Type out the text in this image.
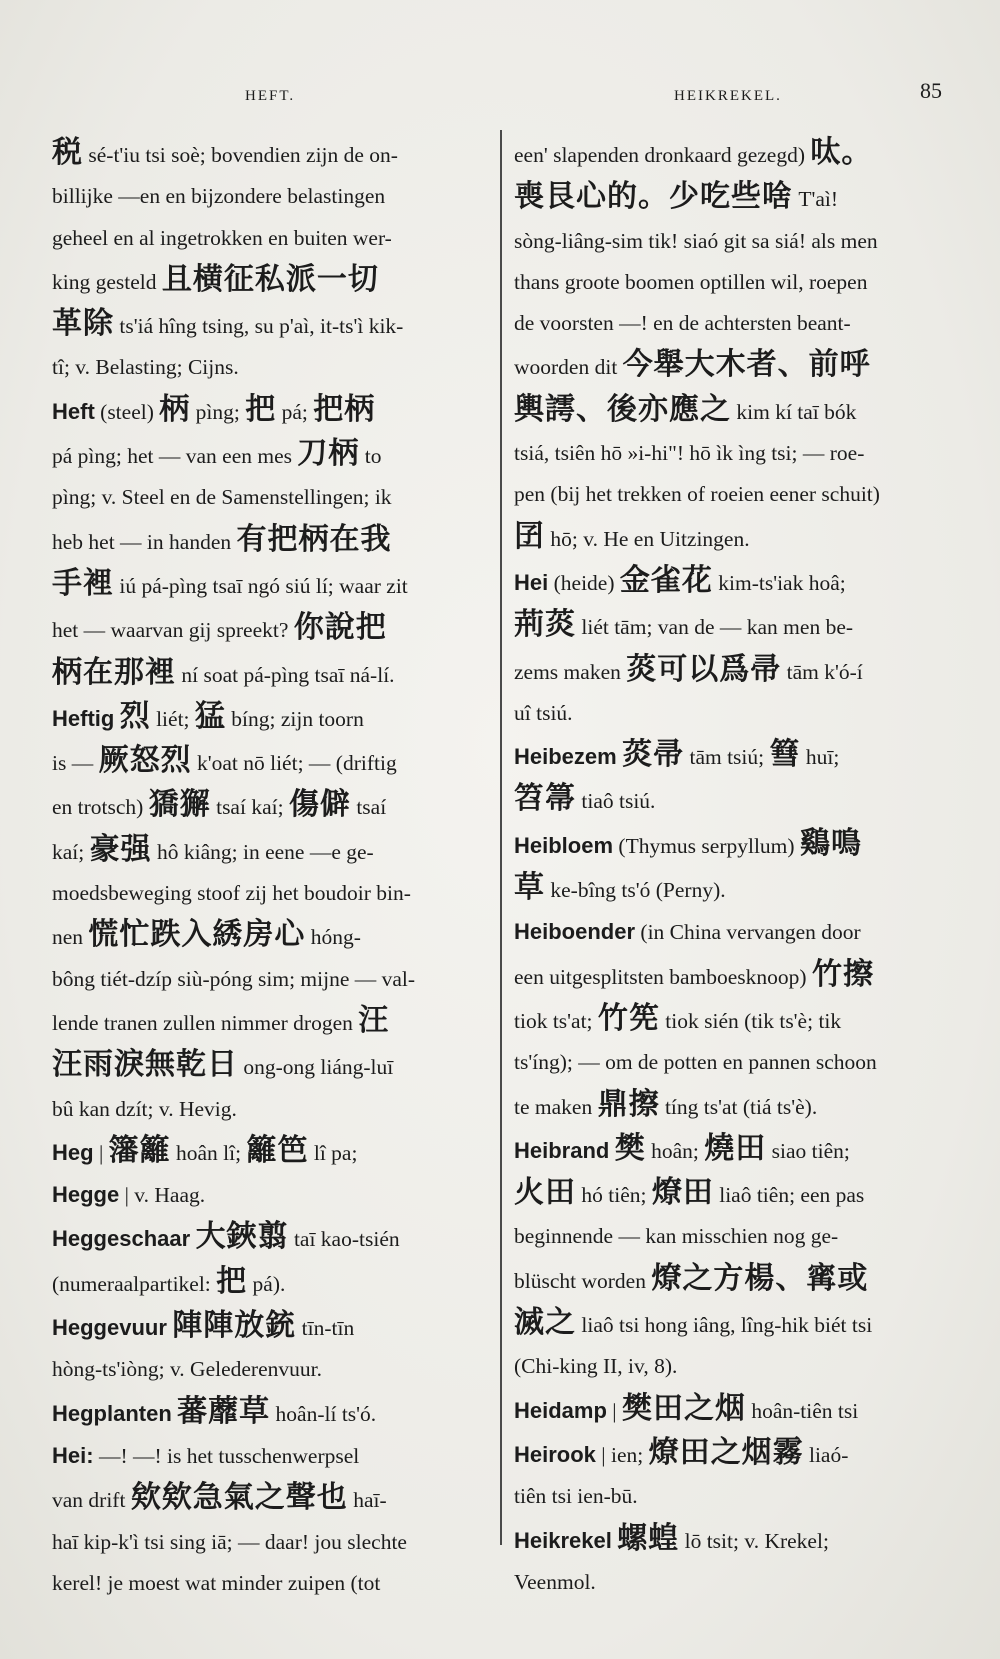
HEFT.	HEIKREKEL.	85
税 sé-t'iu tsi soè; bovendien zijn de on-
billijke —en en bijzondere belastingen
geheel en al ingetrokken en buiten wer-
king gesteld 且横征私派一切
革除 ts'iá hîng tsing, su p'aì, it-ts'ì kik-
tî; v. Belasting; Cijns.
Heft (steel) 柄 pìng; 把 pá; 把柄
pá pìng; het — van een mes 刀柄 to
pìng; v. Steel en de Samenstellingen; ik
heb het — in handen 有把柄在我
手裡 iú pá-pìng tsaī ngó siú lí; waar zit
het — waarvan gij spreekt? 你說把
柄在那裡 ní soat pá-pìng tsaī ná-lí.
Heftig 烈 liét; 猛 bíng; zijn toorn
is — 厥怒烈 k'oat nō liét; — (driftig
en trotsch) 獢獬 tsaí kaí; 傷僻 tsaí
kaí; 豪强 hô kiâng; in eene —e ge-
moedsbeweging stoof zij het boudoir bin-
nen 慌忙跌入綉房心 hóng-
bông tiét-dzíp siù-póng sim; mijne — val-
lende tranen zullen nimmer drogen 汪
汪雨淚無乾日 ong-ong liáng-luī
bû kan dzít; v. Hevig.
Heg | 籓籬 hoân lî; 籬笆 lî pa;
Hegge | v. Haag.
Heggeschaar 大鋏翦 taī kao-tsién
(numeraalpartikel: 把 pá).
Heggevuur 陣陣放銃 tīn-tīn
hòng-ts'iòng; v. Gelederenvuur.
Hegplanten 蕃蘼草 hoân-lí ts'ó.
Hei: —! —! is het tusschenwerpsel
van drift 欸欸急氣之聲也 haī-
haī kip-k'ì tsi sing iā; — daar! jou slechte
kerel! je moest wat minder zuipen (tot
een' slapenden dronkaard gezegd) 呔。
喪艮心的。少吃些啥 T'aì!
sòng-liâng-sim tik! siaó git sa siá! als men
thans groote boomen optillen wil, roepen
de voorsten —! en de achtersten beant-
woorden dit 今舉大木者、前呼
輿謣、後亦應之 kim kí taī bók
tsiá, tsiên hō »i-hi"! hō ìk ìng tsi; — roe-
pen (bij het trekken of roeien eener schuit)
囝 hō; v. He en Uitzingen.
Hei (heide) 金雀花 kim-ts'iak hoâ;
荊菼 liét tām; van de — kan men be-
zems maken 菼可以爲帚 tām k'ó-í
uî tsiú.
Heibezem 菼帚 tām tsiú; 篲 huī;
笤箒 tiaô tsiú.
Heibloem (Thymus serpyllum) 鷄鳴
草 ke-bîng ts'ó (Perny).
Heiboender (in China vervangen door
een uitgesplitsten bamboesknoop) 竹擦
tiok ts'at; 竹筅 tiok sién (tik ts'è; tik
ts'íng); — om de potten en pannen schoon
te maken 鼎擦 tíng ts'at (tiá ts'è).
Heibrand 樊 hoân; 燒田 siao tiên;
火田 hó tiên; 燎田 liaô tiên; een pas
beginnende — kan misschien nog ge-
blüscht worden 燎之方楊、寗或
滅之 liaô tsi hong iâng, lîng-hik biét tsi
(Chi-king II, iv, 8).
Heidamp | 樊田之烟 hoân-tiên tsi
Heirook | ien; 燎田之烟霧 liaó-
tiên tsi ien-bū.
Heikrekel 螺蝗 lō tsit; v. Krekel;
Veenmol.
